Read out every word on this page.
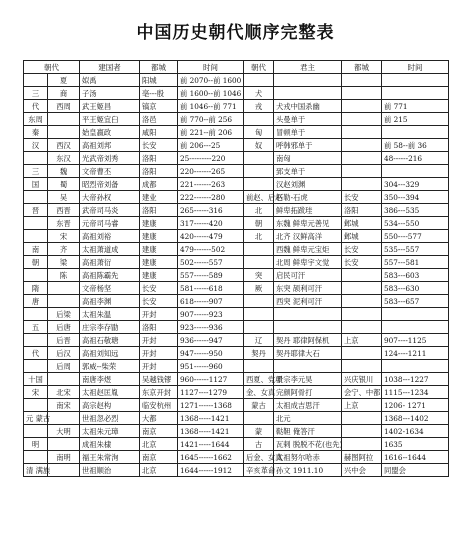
中国历史朝代顺序完整表
朝代		建国者	都城	时间	朝代	君主	都城	时间
	夏	姒禹	阳城	前 2070--前 1600				
三	商	子汤	亳---殷	前 1600--前 1046	犬			
代	西周	武王姬昌	镐京	前 1046--前 771	戎	犬戎中国杀幽		前 771
东周		平王姬宜臼	洛邑	前 770--前 256		头曼单于		前 215
秦		始皇嬴政	咸阳	前 221--前 206	匈	冒顿单于		
汉	西汉	高祖刘邦	长安	前 206---25	奴	呼韩邪单于		前 58--前 36
	东汉	光武帝刘秀	洛阳	25---------220		南匈		48------216
三	魏	文帝曹丕	洛阳	220-------265		郅支单于		
国	蜀	昭烈帝刘备	成都	221-------263		汉赵刘渊		304---329
	吴	大帝孙权	建业	222-------280	前赵、后赵	石勒-石虎	长安	350---394
晋	西晋	武帝司马炎	洛阳	265------316	北	鲜卑拓跋珪	洛阳	386---535
	东晋	元帝司马睿	建康	317------420	朝	东魏 鲜卑元善见	邺城	534---550
	宋	高祖刘裕	建康	420------479	北	北齐 汉鲜高洋	邺城	550----577
南	齐	太祖萧道成	建康	479-------502		西魏 鲜卑元宝炬	长安	535---557
朝	梁	高祖萧衍	建康	502------557		北周 鲜卑宇文觉	长安	557---581
	陈	高祖陈霸先	建康	557------589	突	启民可汗		583---603
隋		文帝杨坚	长安	581------618	厥	东突 颉利可汗		583---630
唐		高祖李渊	长安	618------907		西突 泥利可汗		583---657
	后梁	太祖朱温	开封	907------923				
五	后唐	庄宗李存勖	洛阳	923------936				
	后晋	高祖石敬瑭	开封	936------947	辽	契丹 耶律阿保机	上京	907----1125
代	后汉	高祖刘知远	开封	947------950	契丹	契丹耶律大石		124----1211
	后周	郭威--柴荣	开封	951------960				
十国		南唐李煜	吴越钱镠	960------1127	西夏、党项	景宗李元昊	兴庆银川	1038---1227
宋	北宋	太祖赵匡胤	东京开封	1127----1279	金、女真	完颜阿骨打	会宁、中都	1115---1234
	南宋	高宗赵构	临安杭州	1271------1368	蒙古	太祖成吉思汗	上京	1206- 1271
元 蒙古		世祖忽必烈	大都	1368-----1421		北元		1368---1402
	大明	太祖朱元璋	南京	1368-----1421	蒙	鞑靼 俺答汗		1402-1634
明		成祖朱棣	北京	1421-----1644	古	瓦剌 脱脱不花(也先)		1635
	南明	福王朱常洵	南京	1645------1662	后金、女真	太祖努尔哈赤	赫图阿拉	1616--1644
清 满族		世祖顺治	北京	1644------1912	辛亥革命	孙文 1911.10	兴中会	同盟会
